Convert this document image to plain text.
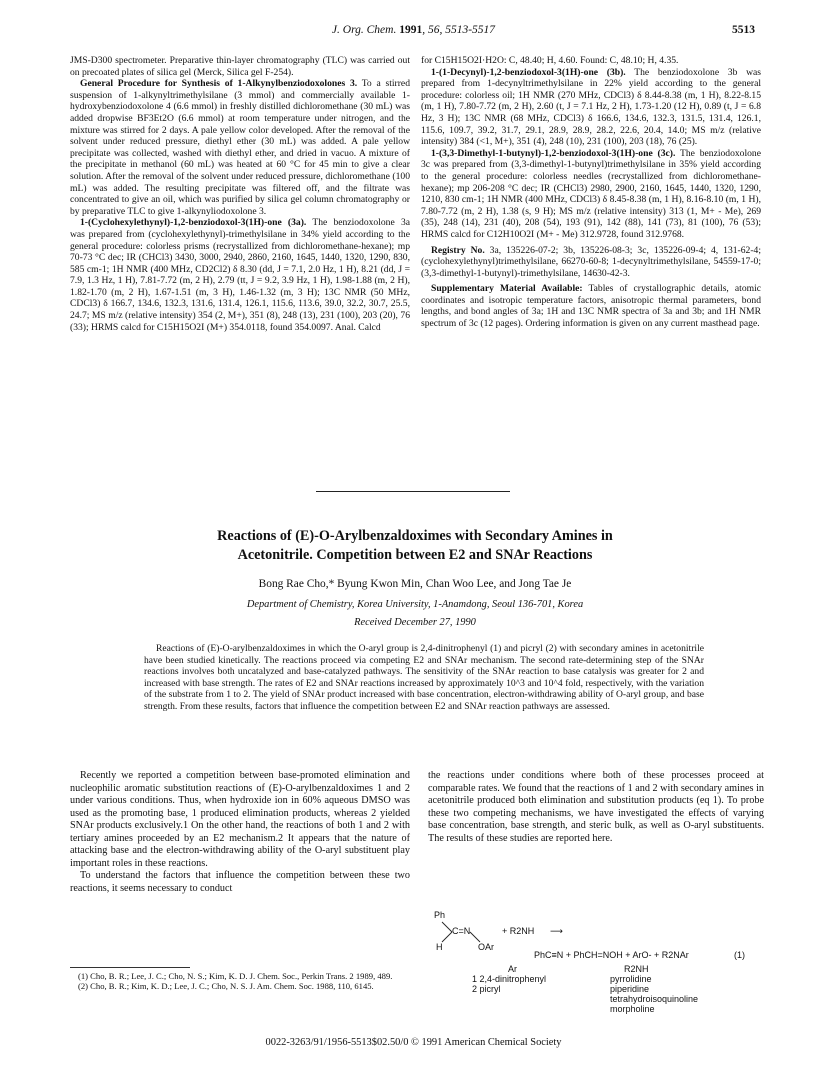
J. Org. Chem. 1991, 56, 5513-5517	5513

JMS-D300 spectrometer. Preparative thin-layer chromatography (TLC) was carried out on precoated plates of silica gel (Merck, Silica gel F-254).

General Procedure for Synthesis of 1-Alkynylbenziodoxolones 3. To a stirred suspension of 1-alkynyltrimethylsilane (3 mmol) and commercially available 1-hydroxybenziodoxolone 4 (6.6 mmol) in freshly distilled dichloromethane (30 mL) was added dropwise BF3Et2O (6.6 mmol) at room temperature under nitrogen, and the mixture was stirred for 2 days. A pale yellow color developed. After the removal of the solvent under reduced pressure, diethyl ether (30 mL) was added. A pale yellow precipitate was collected, washed with diethyl ether, and dried in vacuo. A mixture of the precipitate in methanol (60 mL) was heated at 60 °C for 45 min to give a clear solution. After the removal of the solvent under reduced pressure, dichloromethane (100 mL) was added. The resulting precipitate was filtered off, and the filtrate was concentrated to give an oil, which was purified by silica gel column chromatography or by preparative TLC to give 1-alkynyliodoxolone 3.

1-(Cyclohexylethynyl)-1,2-benziodoxol-3(1H)-one (3a). The benziodoxolone 3a was prepared from (cyclohexylethynyl)-trimethylsilane in 34% yield according to the general procedure: colorless prisms (recrystallized from dichloromethane-hexane); mp 70-73 °C dec; IR (CHCl3) 3430, 3000, 2940, 2860, 2160, 1645, 1440, 1320, 1290, 830, 585 cm-1; 1H NMR (400 MHz, CD2Cl2) δ 8.30 (dd, J = 7.1, 2.0 Hz, 1 H), 8.21 (dd, J = 7.9, 1.3 Hz, 1 H), 7.81-7.72 (m, 2 H), 2.79 (tt, J = 9.2, 3.9 Hz, 1 H), 1.98-1.88 (m, 2 H), 1.82-1.70 (m, 2 H), 1.67-1.51 (m, 3 H), 1.46-1.32 (m, 3 H); 13C NMR (50 MHz, CDCl3) δ 166.7, 134.6, 132.3, 131.6, 131.4, 126.1, 115.6, 113.6, 39.0, 32.2, 30.7, 25.5, 24.7; MS m/z (relative intensity) 354 (2, M+), 351 (8), 248 (13), 231 (100), 203 (20), 76 (33); HRMS calcd for C15H15O2I (M+) 354.0118, found 354.0097. Anal. Calcd

for C15H15O2I·H2O: C, 48.40; H, 4.60. Found: C, 48.10; H, 4.35.

1-(1-Decynyl)-1,2-benziodoxol-3(1H)-one (3b). The benziodoxolone 3b was prepared from 1-decynyltrimethylsilane in 22% yield according to the general procedure: colorless oil; 1H NMR (270 MHz, CDCl3) δ 8.44-8.38 (m, 1 H), 8.22-8.15 (m, 1 H), 7.80-7.72 (m, 2 H), 2.60 (t, J = 7.1 Hz, 2 H), 1.73-1.20 (12 H), 0.89 (t, J = 6.8 Hz, 3 H); 13C NMR (68 MHz, CDCl3) δ 166.6, 134.6, 132.3, 131.5, 131.4, 126.1, 115.6, 109.7, 39.2, 31.7, 29.1, 28.9, 28.9, 28.2, 22.6, 20.4, 14.0; MS m/z (relative intensity) 384 (<1, M+), 351 (4), 248 (10), 231 (100), 203 (18), 76 (25).

1-(3,3-Dimethyl-1-butynyl)-1,2-benziodoxol-3(1H)-one (3c). The benziodoxolone 3c was prepared from (3,3-dimethyl-1-butynyl)trimethylsilane in 35% yield according to the general procedure: colorless needles (recrystallized from dichloromethane-hexane); mp 206-208 °C dec; IR (CHCl3) 2980, 2900, 2160, 1645, 1440, 1320, 1290, 1210, 830 cm-1; 1H NMR (400 MHz, CDCl3) δ 8.45-8.38 (m, 1 H), 8.16-8.10 (m, 1 H), 7.80-7.72 (m, 2 H), 1.38 (s, 9 H); MS m/z (relative intensity) 313 (1, M+ - Me), 269 (35), 248 (14), 231 (40), 208 (54), 193 (91), 142 (88), 141 (73), 81 (100), 76 (53); HRMS calcd for C12H10O2I (M+ - Me) 312.9728, found 312.9768.

Registry No. 3a, 135226-07-2; 3b, 135226-08-3; 3c, 135226-09-4; 4, 131-62-4; (cyclohexylethynyl)trimethylsilane, 66270-60-8; 1-decynyltrimethylsilane, 54559-17-0; (3,3-dimethyl-1-butynyl)-trimethylsilane, 14630-42-3.

Supplementary Material Available: Tables of crystallographic details, atomic coordinates and isotropic temperature factors, anisotropic thermal parameters, bond lengths, and bond angles of 3a; 1H and 13C NMR spectra of 3a and 3b; and 1H NMR spectrum of 3c (12 pages). Ordering information is given on any current masthead page.

Reactions of (E)-O-Arylbenzaldoximes with Secondary Amines in
Acetonitrile. Competition between E2 and SNAr Reactions
Bong Rae Cho,* Byung Kwon Min, Chan Woo Lee, and Jong Tae Je
Department of Chemistry, Korea University, 1-Anamdong, Seoul 136-701, Korea
Received December 27, 1990
Reactions of (E)-O-arylbenzaldoximes in which the O-aryl group is 2,4-dinitrophenyl (1) and picryl (2) with secondary amines in acetonitrile have been studied kinetically. The reactions proceed via competing E2 and SNAr mechanism. The second rate-determining step of the SNAr reactions involves both uncatalyzed and base-catalyzed pathways. The sensitivity of the SNAr reaction to base catalysis was greater for 2 and increased with base strength. The rates of E2 and SNAr reactions increased by approximately 10^3 and 10^4 fold, respectively, with the variation of the substrate from 1 to 2. The yield of SNAr product increased with base concentration, electron-withdrawing ability of O-aryl group, and base strength. From these results, factors that influence the competition between E2 and SNAr reaction pathways are assessed.

Recently we reported a competition between base-promoted elimination and nucleophilic aromatic substitution reactions of (E)-O-arylbenzaldoximes 1 and 2 under various conditions. Thus, when hydroxide ion in 60% aqueous DMSO was used as the promoting base, 1 produced elimination products, whereas 2 yielded SNAr products exclusively.1 On the other hand, the reactions of both 1 and 2 with tertiary amines proceeded by an E2 mechanism.2 It appears that the nature of attacking base and the electron-withdrawing ability of the O-aryl substituent play important roles in these reactions.

To understand the factors that influence the competition between these two reactions, it seems necessary to conduct

the reactions under conditions where both of these processes proceed at comparable rates. We found that the reactions of 1 and 2 with secondary amines in acetonitrile produced both elimination and substitution products (eq 1). To probe these two competing mechanisms, we have investigated the effects of varying base concentration, base strength, and steric bulk, as well as O-aryl substituents. The results of these studies are reported here.

Ph
C=N
H	OAr
+ R2NH ⟶
PhC≡N + PhCH=NOH + ArO- + R2NAr	(1)
Ar
1 2,4-dinitrophenyl
2 picryl
R2NH
pyrrolidine
piperidine
tetrahydroisoquinoline
morpholine

(1) Cho, B. R.; Lee, J. C.; Cho, N. S.; Kim, K. D. J. Chem. Soc., Perkin Trans. 2 1989, 489.

(2) Cho, B. R.; Kim, K. D.; Lee, J. C.; Cho, N. S. J. Am. Chem. Soc. 1988, 110, 6145.

0022-3263/91/1956-5513$02.50/0 © 1991 American Chemical Society
